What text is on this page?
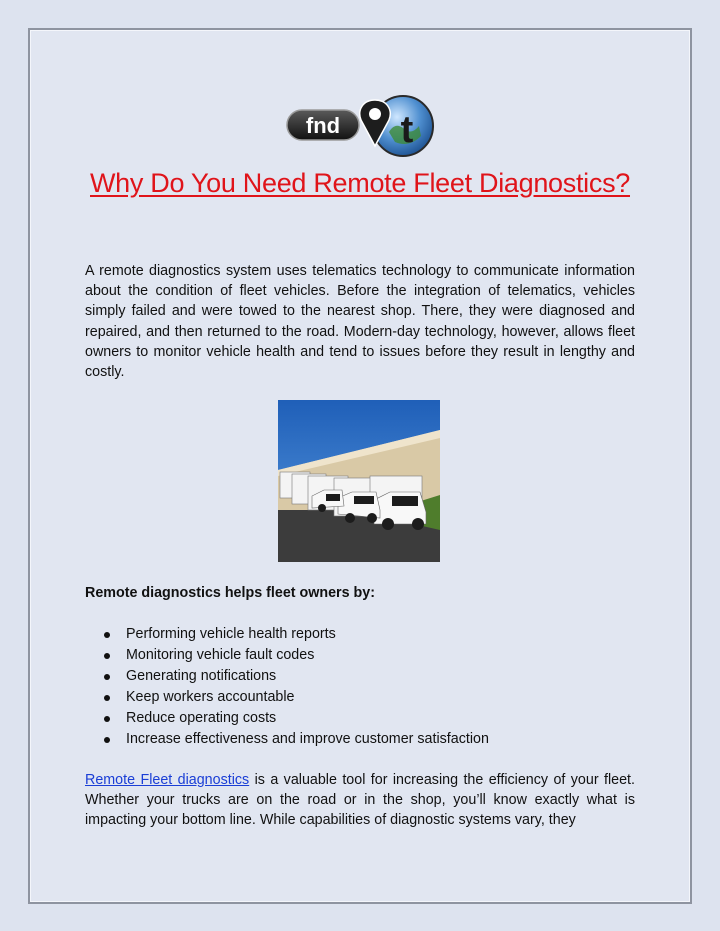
fnd t
Why Do You Need Remote Fleet Diagnostics?

A remote diagnostics system uses telematics technology to communicate information about the condition of fleet vehicles. Before the integration of telematics, vehicles simply failed and were towed to the nearest shop. There, they were diagnosed and repaired, and then returned to the road. Modern-day technology, however, allows fleet owners to monitor vehicle health and tend to issues before they result in lengthy and costly.

Remote diagnostics helps fleet owners by:
Performing vehicle health reports
Monitoring vehicle fault codes
Generating notifications
Keep workers accountable
Reduce operating costs
Increase effectiveness and improve customer satisfaction

Remote Fleet diagnostics is a valuable tool for increasing the efficiency of your fleet. Whether your trucks are on the road or in the shop, you’ll know exactly what is impacting your bottom line. While capabilities of diagnostic systems vary, they
